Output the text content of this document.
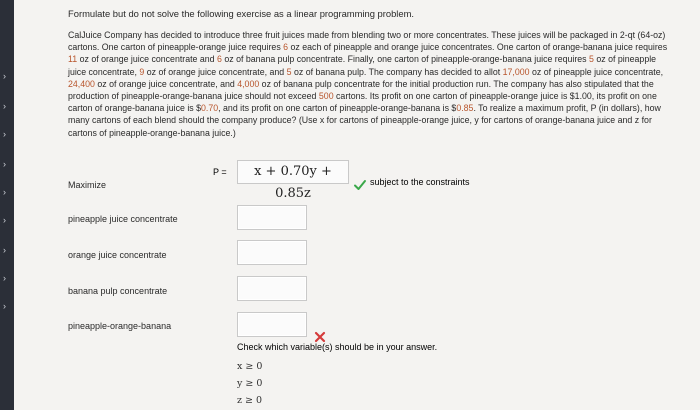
›
›
›
›
›
›
›
›
›

Formulate but do not solve the following exercise as a linear programming problem.

CalJuice Company has decided to introduce three fruit juices made from blending two or more concentrates. These juices will be packaged in 2-qt (64-oz) cartons. One carton of pineapple-orange juice requires 6 oz each of pineapple and orange juice concentrates. One carton of orange-banana juice requires 11 oz of orange juice concentrate and 6 oz of banana pulp concentrate. Finally, one carton of pineapple-orange-banana juice requires 5 oz of pineapple juice concentrate, 9 oz of orange juice concentrate, and 5 oz of banana pulp. The company has decided to allot 17,000 oz of pineapple juice concentrate, 24,400 oz of orange juice concentrate, and 4,000 oz of banana pulp concentrate for the initial production run. The company has also stipulated that the production of pineapple-orange-banana juice should not exceed 500 cartons. Its profit on one carton of pineapple-orange juice is $1.00, its profit on one carton of orange-banana juice is $0.70, and its profit on one carton of pineapple-orange-banana is $0.85. To realize a maximum profit, P (in dollars), how many cartons of each blend should the company produce? (Use x for cartons of pineapple-orange juice, y for cartons of orange-banana juice and z for cartons of pineapple-orange-banana juice.)

Maximize
P =	x + 0.70y + 0.85z
subject to the constraints
pineapple juice concentrate
orange juice concentrate
banana pulp concentrate
pineapple-orange-banana
Check which variable(s) should be in your answer.
x ≥ 0
y ≥ 0
z ≥ 0
